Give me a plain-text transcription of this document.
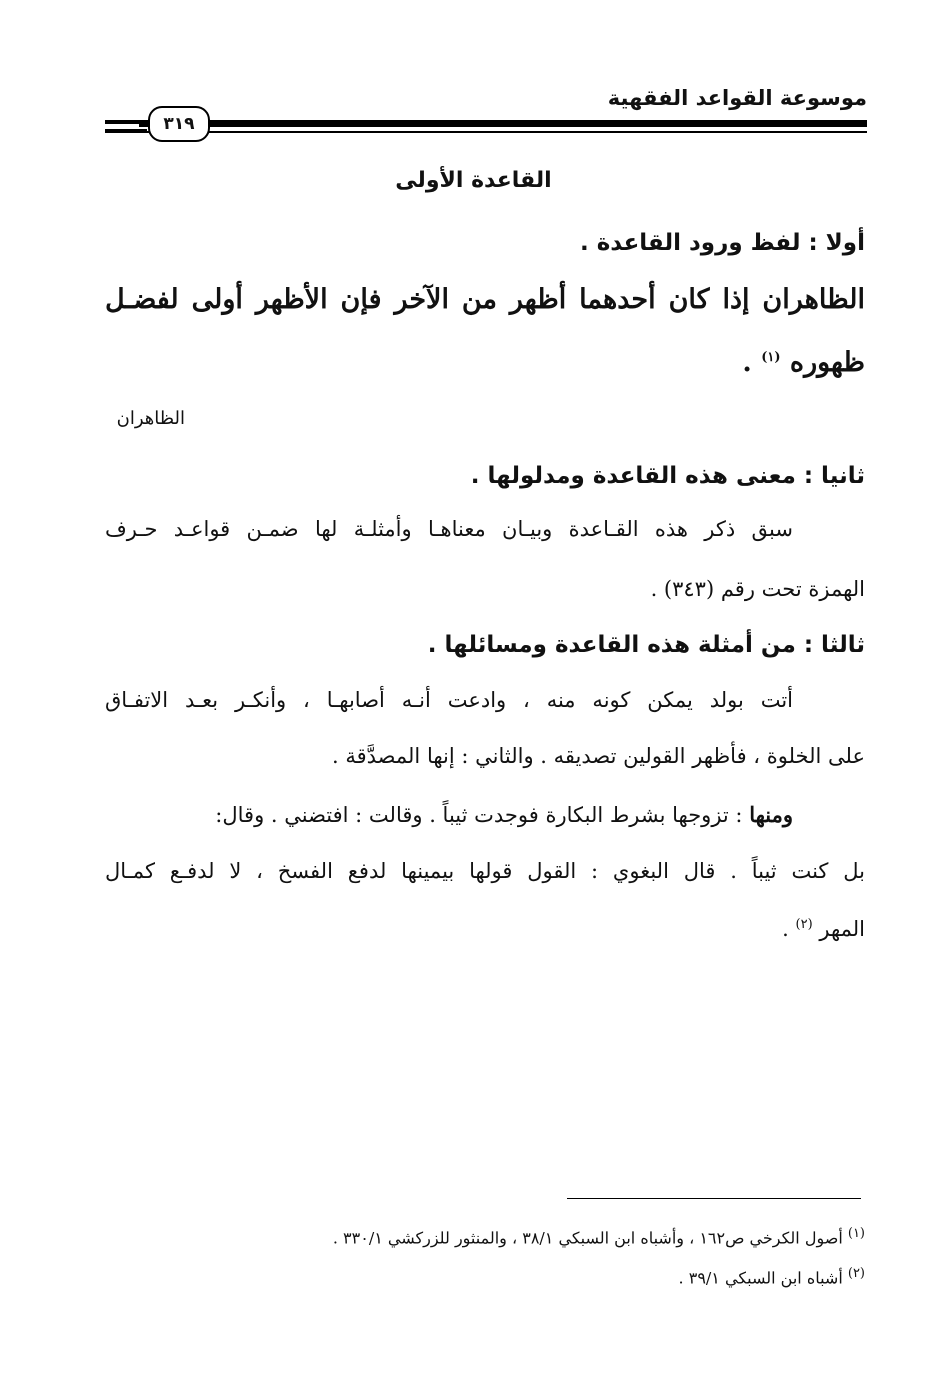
موسوعة القواعد الفقهية
٣١٩
القاعدة الأولى
أولا : لفظ ورود القاعدة .
الظاهران إذا كان أحدهما أظهر من الآخر فإن الأظهر أولى لفضـل
ظهوره $^{(١)}$ .
الظاهران
ثانيا : معنى هذه القاعدة ومدلولها .
سبق ذكر هذه القـاعدة وبيـان معناهـا وأمثلـة لها ضمـن قواعـد حـرف
الهمزة تحت رقم (٣٤٣) .
ثالثا : من أمثلة هذه القاعدة ومسائلها .
أتت بولد يمكن كونه منه ، وادعت أنـه أصابهـا ، وأنكـر بعـد الاتفـاق
على الخلوة ، فأظهر القولين تصديقه . والثاني : إنها المصدَّقة .
ومنها : تزوجها بشرط البكارة فوجدت ثيباً . وقالت : افتضني . وقال:
بل كنت ثيباً . قال البغوي : القول قولها بيمينها لدفع الفسخ ، لا لدفـع كمـال
المهر $^{(٢)}$ .
$^{(١)}$ أصول الكرخي ص١٦٢ ، وأشباه ابن السبكي ٣٨/١ ، والمنثور للزركشي ٣٣٠/١ .
$^{(٢)}$ أشباه ابن السبكي ٣٩/١ .
